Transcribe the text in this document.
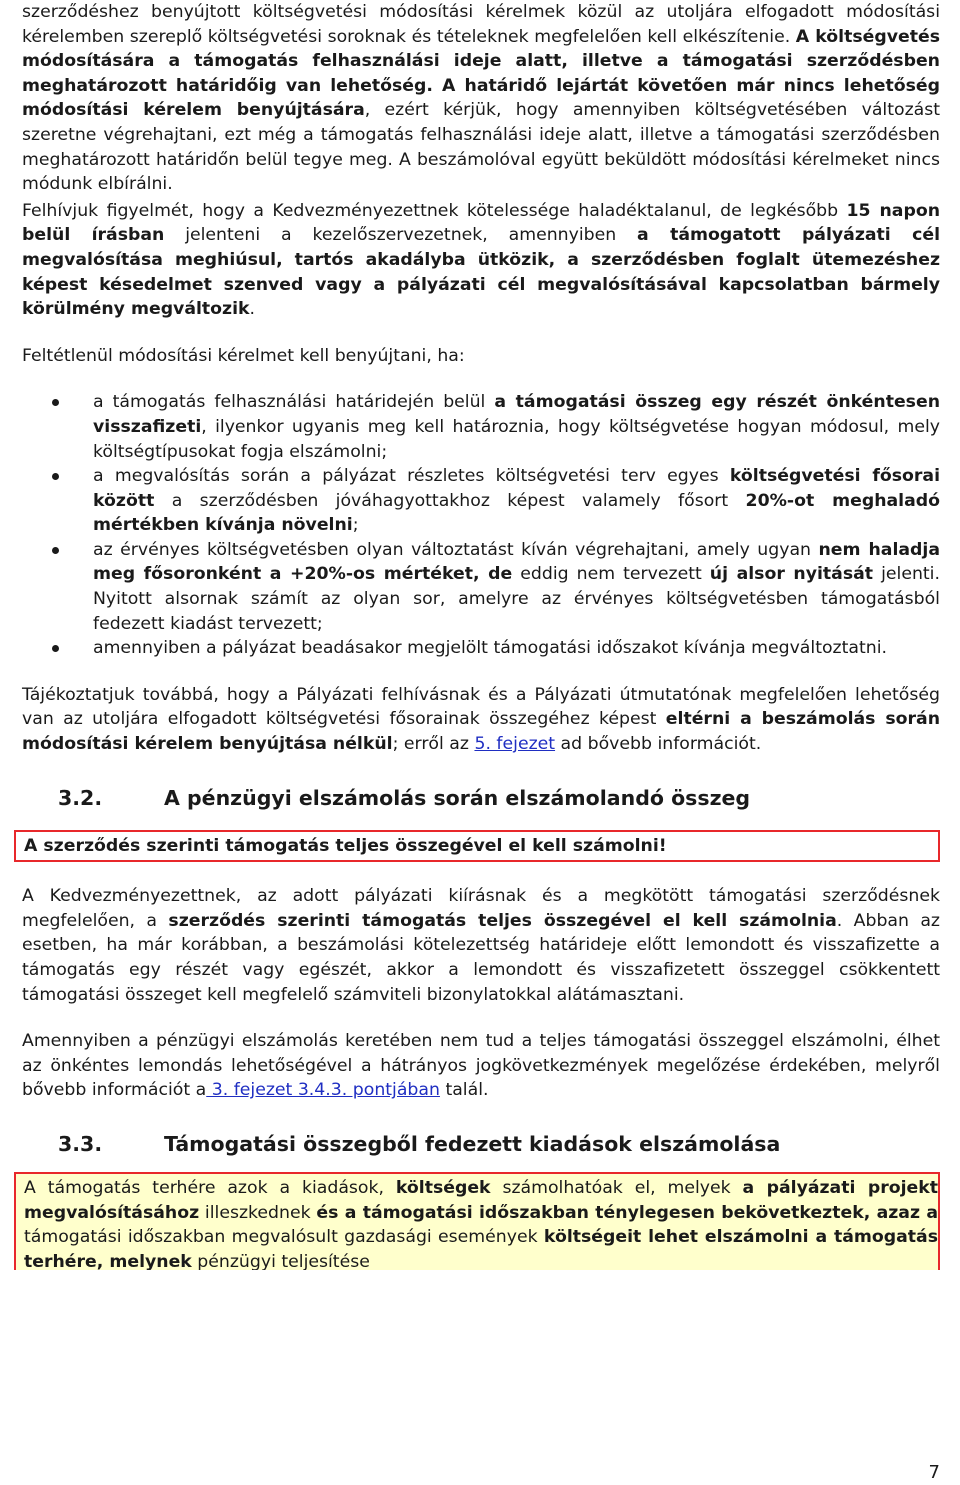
szerződéshez benyújtott költségvetési módosítási kérelmek közül az utoljára elfogadott módosítási kérelemben szereplő költségvetési soroknak és tételeknek megfelelően kell elkészítenie. A költségvetés módosítására a támogatás felhasználási ideje alatt, illetve a támogatási szerződésben meghatározott határidőig van lehetőség. A határidő lejártát követően már nincs lehetőség módosítási kérelem benyújtására, ezért kérjük, hogy amennyiben költségvetésében változást szeretne végrehajtani, ezt még a támogatás felhasználási ideje alatt, illetve a támogatási szerződésben meghatározott határidőn belül tegye meg. A beszámolóval együtt beküldött módosítási kérelmeket nincs módunk elbírálni.

Felhívjuk figyelmét, hogy a Kedvezményezettnek kötelessége haladéktalanul, de legkésőbb 15 napon belül írásban jelenteni a kezelőszervezetnek, amennyiben a támogatott pályázati cél megvalósítása meghiúsul, tartós akadályba ütközik, a szerződésben foglalt ütemezéshez képest késedelmet szenved vagy a pályázati cél megvalósításával kapcsolatban bármely körülmény megváltozik.

Feltétlenül módosítási kérelmet kell benyújtani, ha:

a támogatás felhasználási határidején belül a támogatási összeg egy részét önkéntesen visszafizeti, ilyenkor ugyanis meg kell határoznia, hogy költségvetése hogyan módosul, mely költségtípusokat fogja elszámolni;
a megvalósítás során a pályázat részletes költségvetési terv egyes költségvetési fősorai között a szerződésben jóváhagyottakhoz képest valamely fősort 20%-ot meghaladó mértékben kívánja növelni;
az érvényes költségvetésben olyan változtatást kíván végrehajtani, amely ugyan nem haladja meg fősoronként a +20%-os mértéket, de eddig nem tervezett új alsor nyitását jelenti. Nyitott alsornak számít az olyan sor, amelyre az érvényes költségvetésben támogatásból fedezett kiadást tervezett;
amennyiben a pályázat beadásakor megjelölt támogatási időszakot kívánja megváltoztatni.

Tájékoztatjuk továbbá, hogy a Pályázati felhívásnak és a Pályázati útmutatónak megfelelően lehetőség van az utoljára elfogadott költségvetési fősorainak összegéhez képest eltérni a beszámolás során módosítási kérelem benyújtása nélkül; erről az 5. fejezet ad bővebb információt.

3.2.	A pénzügyi elszámolás során elszámolandó összeg
A szerződés szerinti támogatás teljes összegével el kell számolni!

A Kedvezményezettnek, az adott pályázati kiírásnak és a megkötött támogatási szerződésnek megfelelően, a szerződés szerinti támogatás teljes összegével el kell számolnia. Abban az esetben, ha már korábban, a beszámolási kötelezettség határideje előtt lemondott és visszafizette a támogatás egy részét vagy egészét, akkor a lemondott és visszafizetett összeggel csökkentett támogatási összeget kell megfelelő számviteli bizonylatokkal alátámasztani.

Amennyiben a pénzügyi elszámolás keretében nem tud a teljes támogatási összeggel elszámolni, élhet az önkéntes lemondás lehetőségével a hátrányos jogkövetkezmények megelőzése érdekében, melyről bővebb információt a 3. fejezet 3.4.3. pontjában talál.

3.3.	Támogatási összegből fedezett kiadások elszámolása
A támogatás terhére azok a kiadások, költségek számolhatóak el, melyek a pályázati projekt megvalósításához illeszkednek és a támogatási időszakban ténylegesen bekövetkeztek, azaz a támogatási időszakban megvalósult gazdasági események költségeit lehet elszámolni a támogatás terhére, melynek pénzügyi teljesítése
7
